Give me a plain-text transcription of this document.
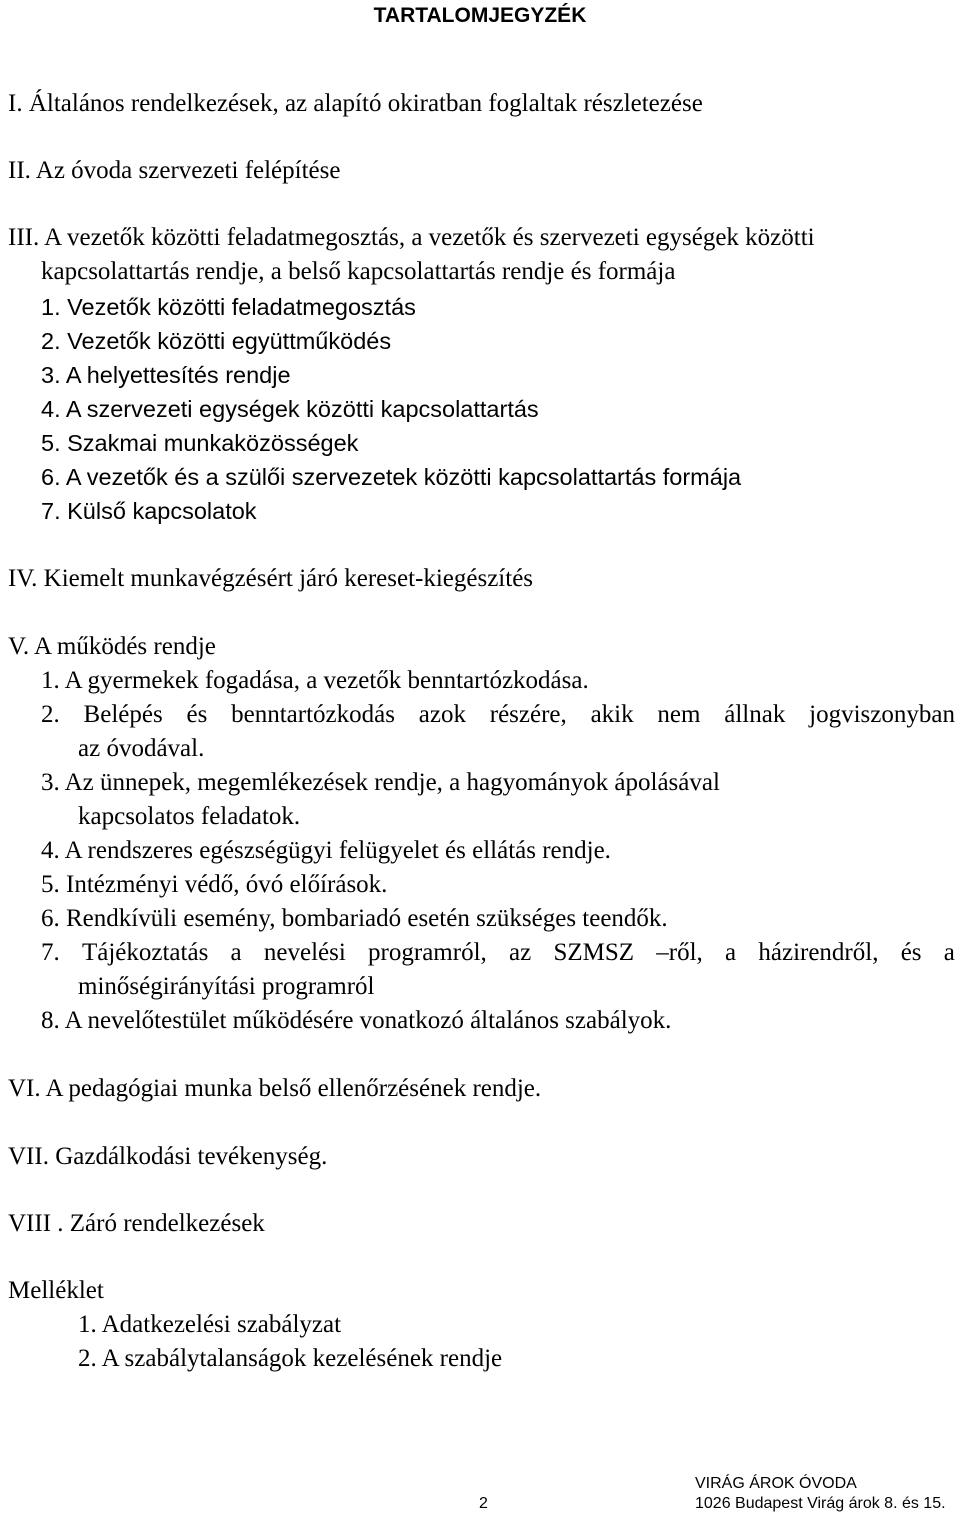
TARTALOMJEGYZÉK

I. Általános rendelkezések, az alapító okiratban foglaltak részletezése

II. Az óvoda szervezeti felépítése

III. A vezetők közötti feladatmegosztás, a vezetők és szervezeti egységek közötti

kapcsolattartás rendje, a belső kapcsolattartás rendje és formája

1. Vezetők közötti feladatmegosztás

2. Vezetők közötti együttműködés

3. A helyettesítés rendje

4. A szervezeti egységek közötti kapcsolattartás

5. Szakmai munkaközösségek

6. A vezetők és a szülői szervezetek közötti kapcsolattartás formája

7. Külső kapcsolatok

IV. Kiemelt munkavégzésért járó kereset-kiegészítés

V. A működés rendje

1. A gyermekek fogadása, a vezetők benntartózkodása.

2. Belépés és benntartózkodás azok részére, akik nem állnak jogviszonyban

az óvodával.

3. Az ünnepek, megemlékezések rendje, a hagyományok ápolásával

kapcsolatos feladatok.

4. A rendszeres egészségügyi felügyelet és ellátás rendje.

5. Intézményi védő, óvó előírások.

6. Rendkívüli esemény, bombariadó esetén szükséges teendők.

7. Tájékoztatás a nevelési programról, az SZMSZ –ről, a házirendről, és a

minőségirányítási programról

8. A nevelőtestület működésére vonatkozó általános szabályok.

VI. A pedagógiai munka belső ellenőrzésének rendje.

VII. Gazdálkodási tevékenység.

VIII . Záró rendelkezések

Melléklet

1. Adatkezelési szabályzat

2. A szabálytalanságok kezelésének rendje

2
VIRÁG ÁROK ÓVODA
1026 Budapest Virág árok 8. és 15.
